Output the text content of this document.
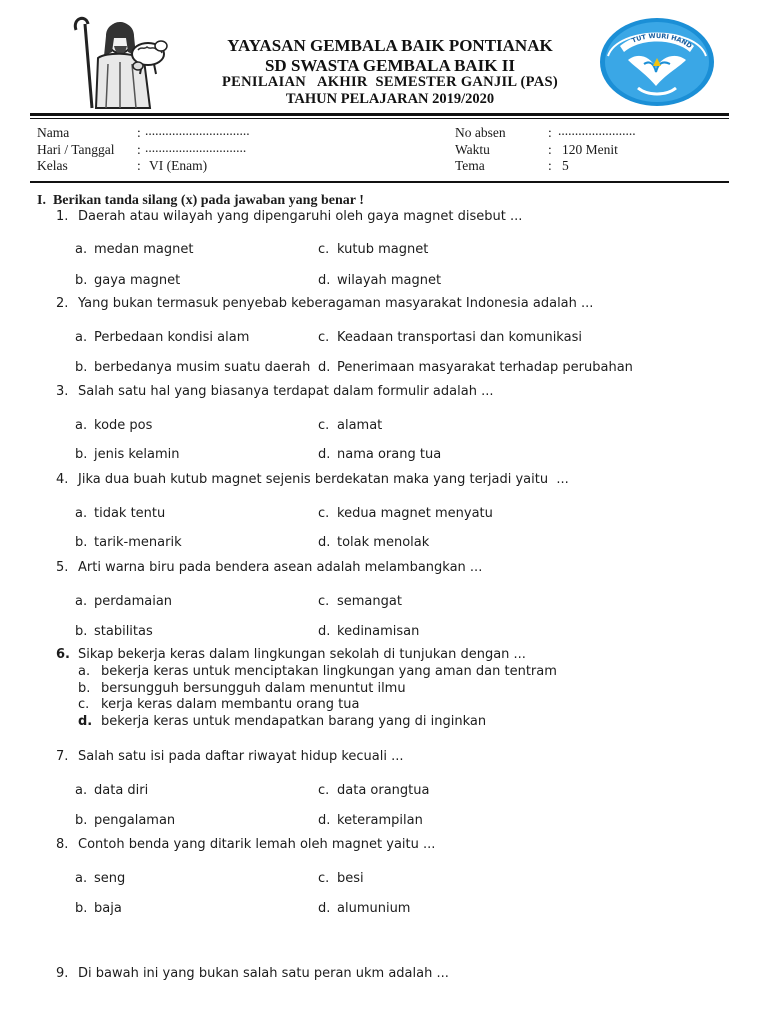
YAYASAN GEMBALA BAIK PONTIANAK
SD SWASTA GEMBALA BAIK II
PENILAIAN   AKHIR  SEMESTER GANJIL (PAS)
TAHUN PELAJARAN 2019/2020
TUT WURI HAND
Nama	: ...............................
Hari / Tanggal : ..............................
Kelas	: VI (Enam)
No absen	: .......................
Waktu	: 120 Menit
Tema	: 5
I.  Berikan tanda silang (x) pada jawaban yang benar !
1. Daerah atau wilayah yang dipengaruhi oleh gaya magnet disebut ...
a. medan magnet	c. kutub magnet
b. gaya magnet	d. wilayah magnet
2. Yang bukan termasuk penyebab keberagaman masyarakat Indonesia adalah ...
a. Perbedaan kondisi alam	c. Keadaan transportasi dan komunikasi
b. berbedanya musim suatu daerah d. Penerimaan masyarakat terhadap perubahan
3. Salah satu hal yang biasanya terdapat dalam formulir adalah ...
a. kode pos	c. alamat
b. jenis kelamin	d. nama orang tua
4. Jika dua buah kutub magnet sejenis berdekatan maka yang terjadi yaitu  ...
a. tidak tentu	c. kedua magnet menyatu
b. tarik-menarik	d. tolak menolak
5. Arti warna biru pada bendera asean adalah melambangkan ...
a. perdamaian	c. semangat
b. stabilitas	d. kedinamisan
6. Sikap bekerja keras dalam lingkungan sekolah di tunjukan dengan ...
a. bekerja keras untuk menciptakan lingkungan yang aman dan tentram
b. bersungguh bersungguh dalam menuntut ilmu
c. kerja keras dalam membantu orang tua
d. bekerja keras untuk mendapatkan barang yang di inginkan
7. Salah satu isi pada daftar riwayat hidup kecuali ...
a. data diri	c. data orangtua
b. pengalaman	d. keterampilan
8. Contoh benda yang ditarik lemah oleh magnet yaitu ...
a. seng	c. besi
b. baja	d. alumunium
9. Di bawah ini yang bukan salah satu peran ukm adalah ...
